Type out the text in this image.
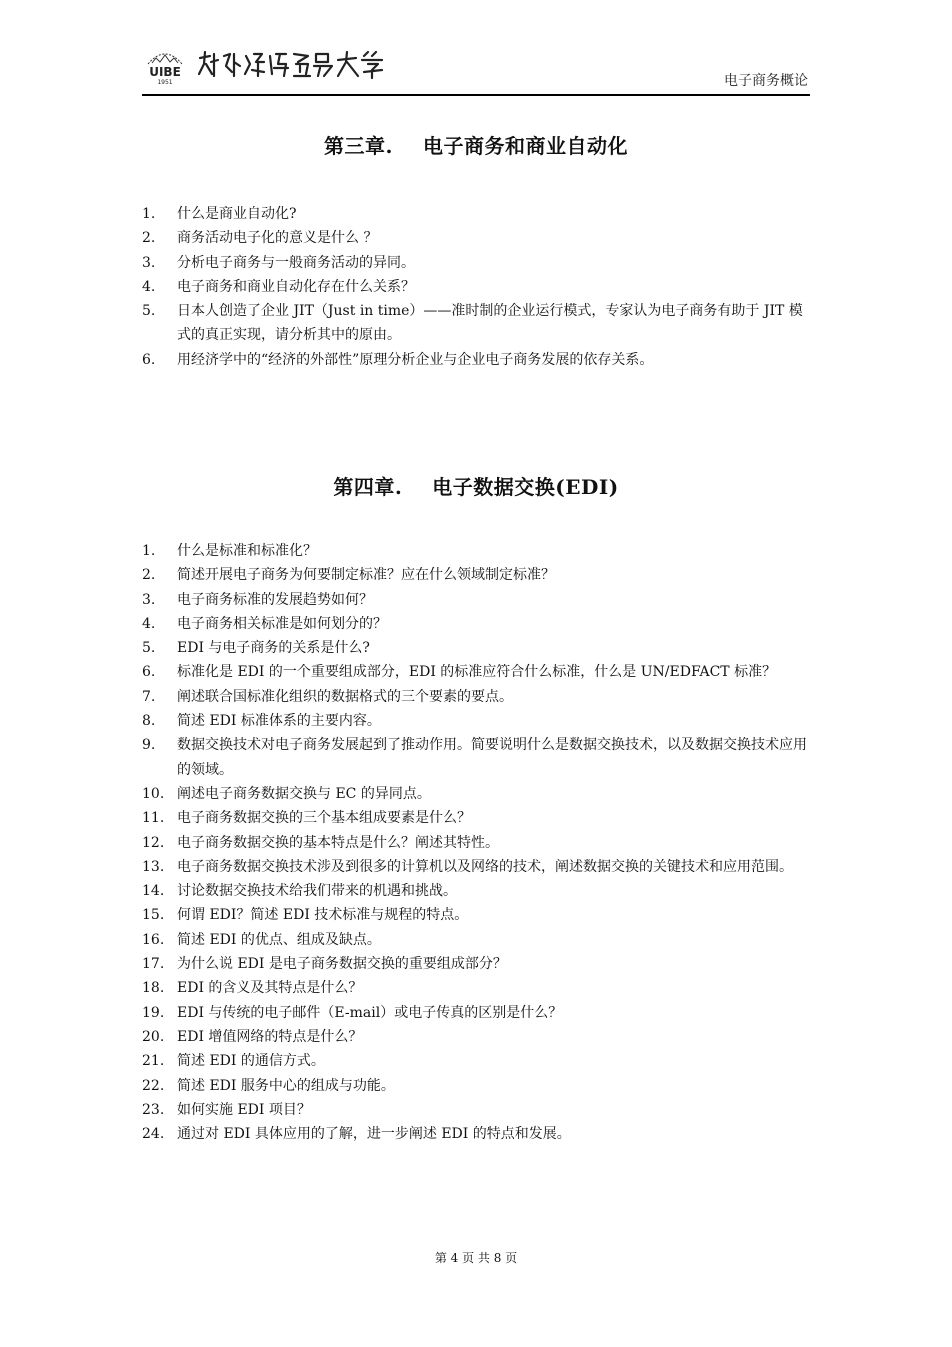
UIBE
1951	电子商务概论
第三章. 电子商务和商业自动化
1.	什么是商业自动化?
2.	商务活动电子化的意义是什么 ？
3.	分析电子商务与一般商务活动的异同。
4.	电子商务和商业自动化存在什么关系？
5.	日本人创造了企业 JIT（Just in time）——准时制的企业运行模式，专家认为电子商务有助于 JIT 模式的真正实现，请分析其中的原由。
6.	用经济学中的“经济的外部性”原理分析企业与企业电子商务发展的依存关系。
第四章. 电子数据交换(EDI)
1.	什么是标准和标准化？
2.	简述开展电子商务为何要制定标准？应在什么领域制定标准？
3.	电子商务标准的发展趋势如何？
4.	电子商务相关标准是如何划分的？
5.	EDI 与电子商务的关系是什么?
6.	标准化是 EDI 的一个重要组成部分，EDI 的标准应符合什么标准，什么是 UN/EDFACT 标准？
7.	阐述联合国标准化组织的数据格式的三个要素的要点。
8.	简述 EDI 标准体系的主要内容。
9.	数据交换技术对电子商务发展起到了推动作用。简要说明什么是数据交换技术，以及数据交换技术应用的领域。
10. 阐述电子商务数据交换与 EC 的异同点。
11. 电子商务数据交换的三个基本组成要素是什么？
12. 电子商务数据交换的基本特点是什么？阐述其特性。
13. 电子商务数据交换技术涉及到很多的计算机以及网络的技术，阐述数据交换的关键技术和应用范围。
14. 讨论数据交换技术给我们带来的机遇和挑战。
15. 何谓 EDI？简述 EDI 技术标准与规程的特点。
16. 简述 EDI 的优点、组成及缺点。
17. 为什么说 EDI 是电子商务数据交换的重要组成部分？
18. EDI 的含义及其特点是什么？
19. EDI 与传统的电子邮件（E-mail）或电子传真的区别是什么？
20. EDI 增值网络的特点是什么？
21. 简述 EDI 的通信方式。
22. 简述 EDI 服务中心的组成与功能。
23. 如何实施 EDI 项目？
24. 通过对 EDI 具体应用的了解，进一步阐述 EDI 的特点和发展。
第 4 页 共 8 页
